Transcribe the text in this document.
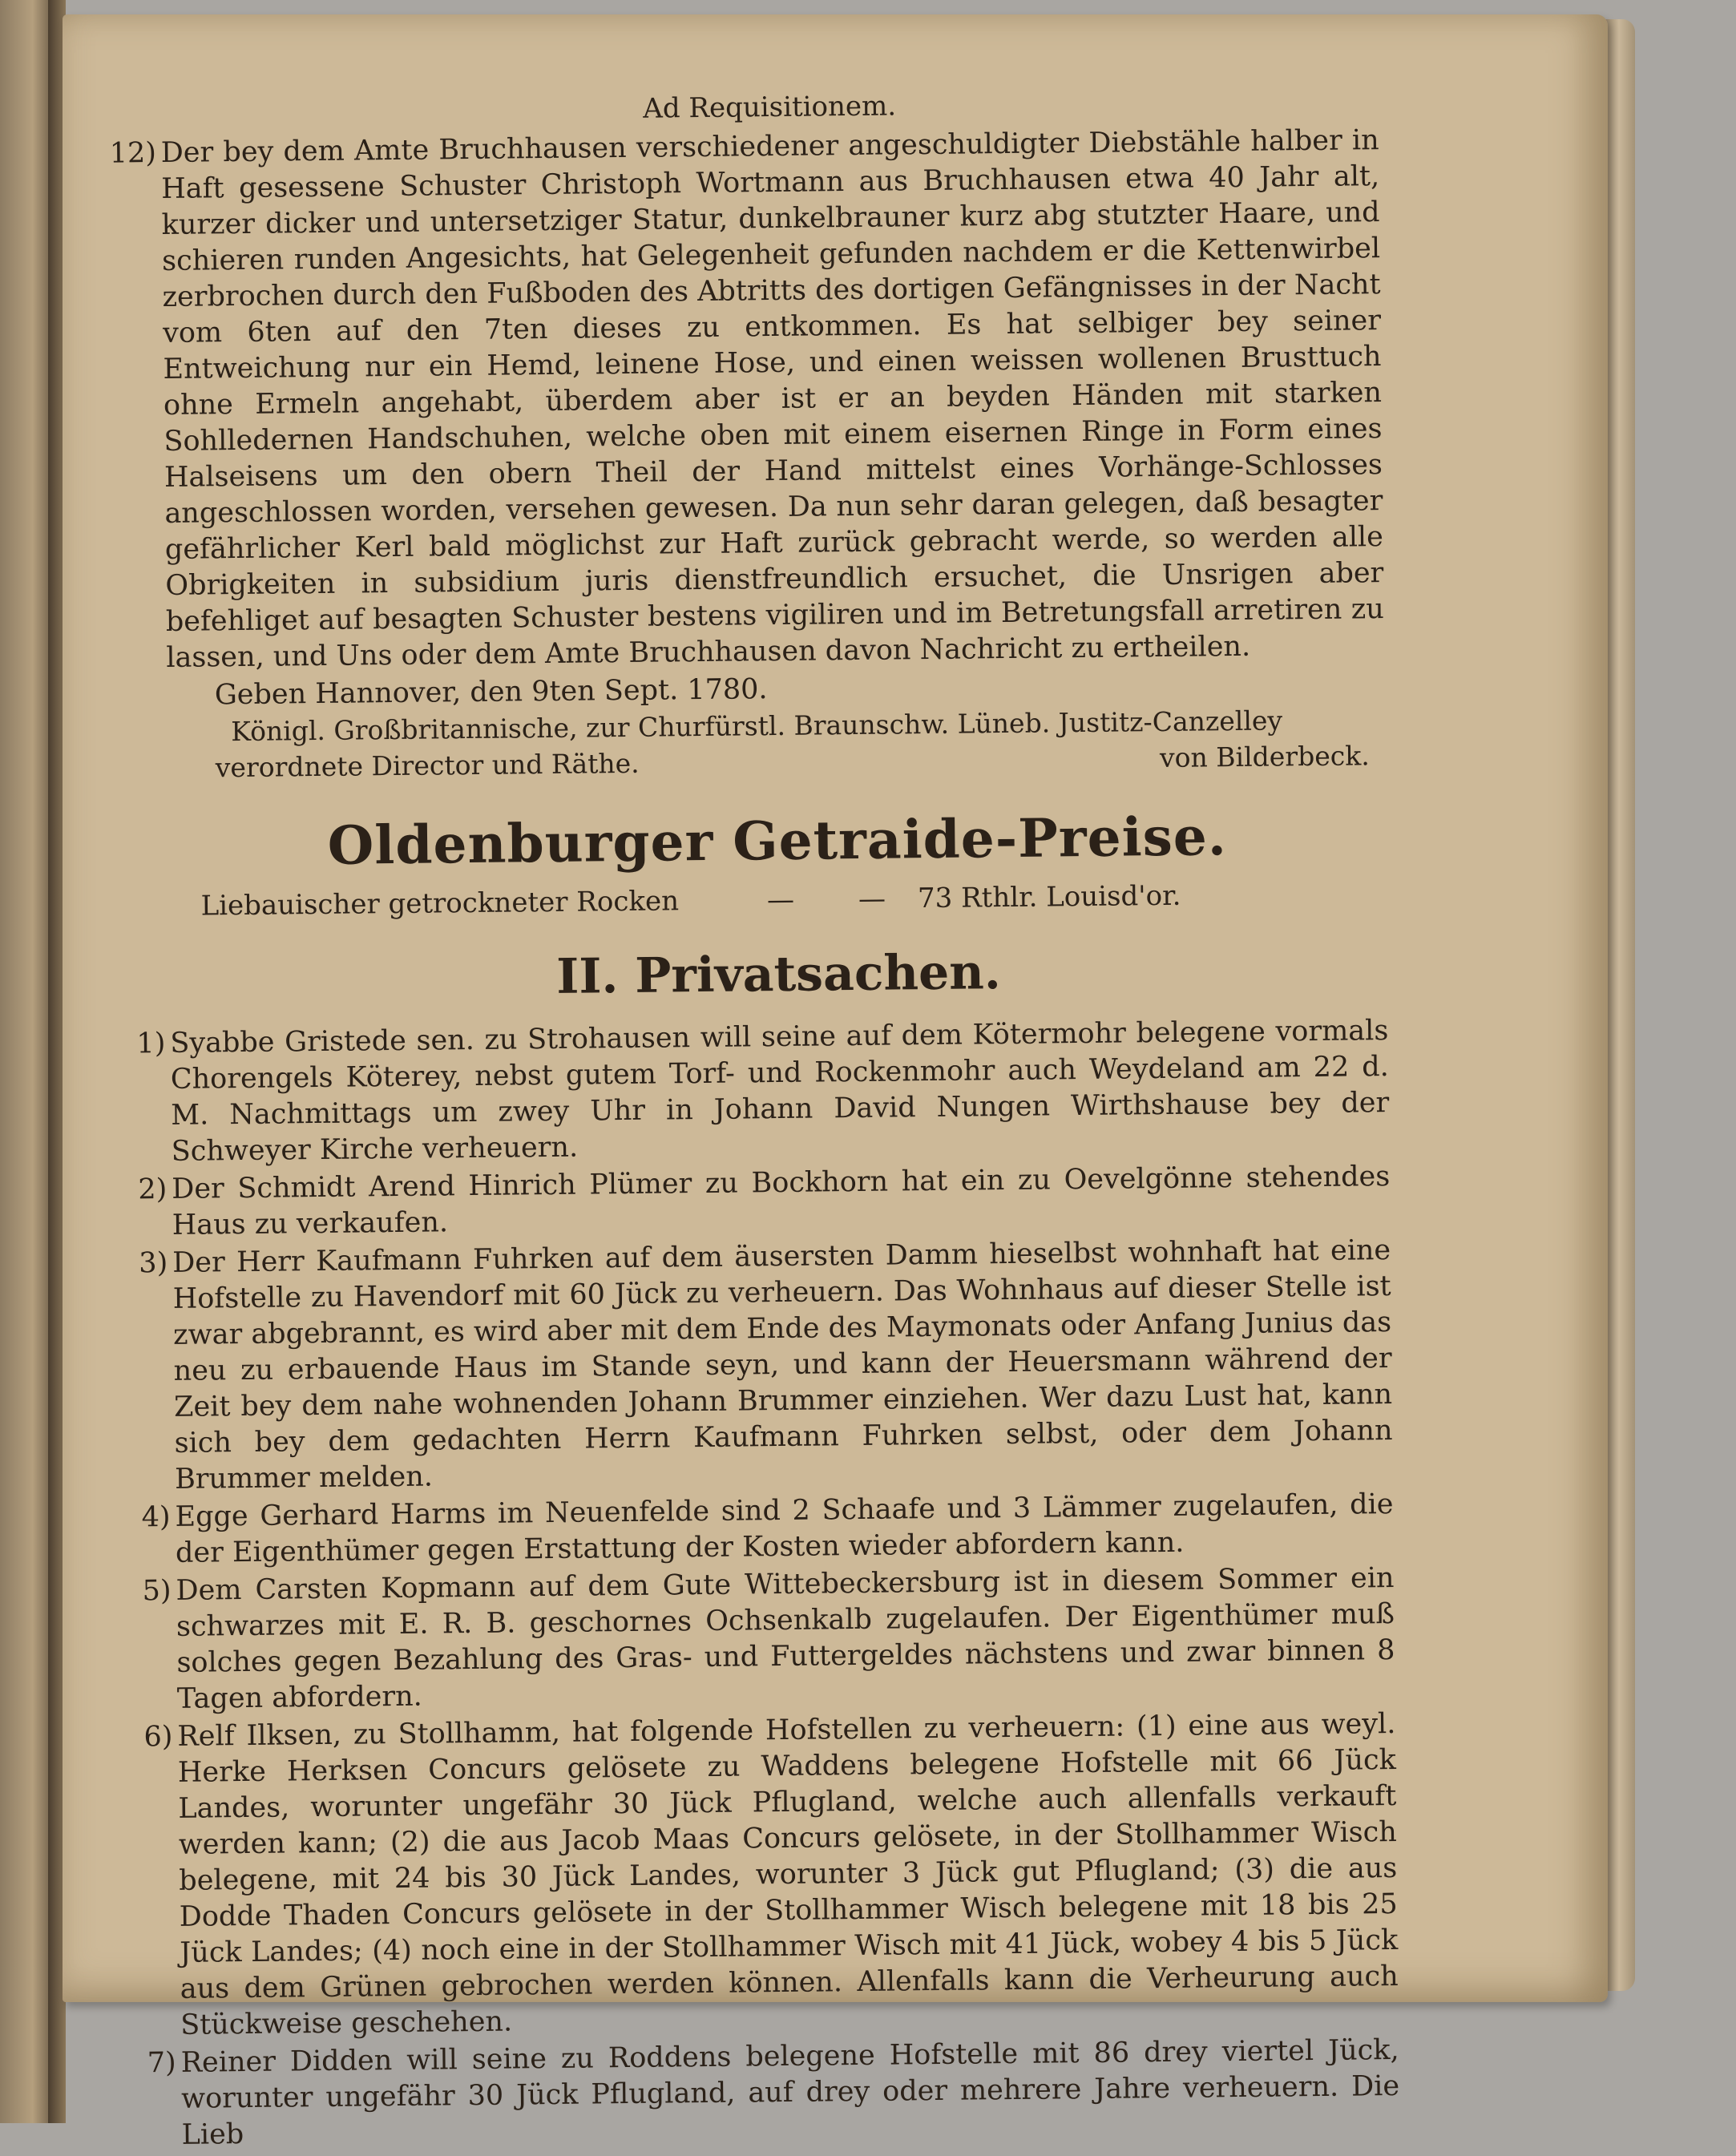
Ad Requisitionem.

12) Der bey dem Amte Bruchhausen verschiedener angeschuldigter Diebstähle halber in Haft gesessene Schuster Christoph Wortmann aus Bruchhausen etwa 40 Jahr alt, kurzer dicker und untersetziger Statur, dunkelbrauner kurz abg stutzter Haare, und schieren runden Angesichts, hat Gelegenheit gefunden nachdem er die Kettenwirbel zerbrochen durch den Fußboden des Abtritts des dortigen Gefängnisses in der Nacht vom 6ten auf den 7ten dieses zu entkommen. Es hat selbiger bey seiner Entweichung nur ein Hemd, leinene Hose, und einen weissen wollenen Brusttuch ohne Ermeln angehabt, überdem aber ist er an beyden Händen mit starken Sohlledernen Handschuhen, welche oben mit einem eisernen Ringe in Form eines Halseisens um den obern Theil der Hand mittelst eines Vorhänge-Schlosses angeschlossen worden, versehen gewesen. Da nun sehr daran gelegen, daß besagter gefährlicher Kerl bald möglichst zur Haft zurück gebracht werde, so werden alle Obrigkeiten in subsidium juris dienstfreundlich ersuchet, die Unsrigen aber befehliget auf besagten Schuster bestens vigiliren und im Betretungsfall arretiren zu lassen, und Uns oder dem Amte Bruchhausen davon Nachricht zu ertheilen.

Geben Hannover, den 9ten Sept. 1780.
Königl. Großbritannische, zur Churfürstl. Braunschw. Lüneb. Justitz-Canzelley
verordnete Director und Räthe.	von Bilderbeck.
Oldenburger Getraide-Preise.
Liebauischer getrockneter Rocken	— — 73 Rthlr. Louisd'or.
II. Privatsachen.

1) Syabbe Gristede sen. zu Strohausen will seine auf dem Kötermohr belegene vormals Chorengels Köterey, nebst gutem Torf- und Rockenmohr auch Weydeland am 22 d. M. Nachmittags um zwey Uhr in Johann David Nungen Wirthshause bey der Schweyer Kirche verheuern.

2) Der Schmidt Arend Hinrich Plümer zu Bockhorn hat ein zu Oevelgönne stehendes Haus zu verkaufen.

3) Der Herr Kaufmann Fuhrken auf dem äusersten Damm hieselbst wohnhaft hat eine Hofstelle zu Havendorf mit 60 Jück zu verheuern. Das Wohnhaus auf dieser Stelle ist zwar abgebrannt, es wird aber mit dem Ende des Maymonats oder Anfang Junius das neu zu erbauende Haus im Stande seyn, und kann der Heuersmann während der Zeit bey dem nahe wohnenden Johann Brummer einziehen. Wer dazu Lust hat, kann sich bey dem gedachten Herrn Kaufmann Fuhrken selbst, oder dem Johann Brummer melden.

4) Egge Gerhard Harms im Neuenfelde sind 2 Schaafe und 3 Lämmer zugelaufen, die der Eigenthümer gegen Erstattung der Kosten wieder abfordern kann.

5) Dem Carsten Kopmann auf dem Gute Wittebeckersburg ist in diesem Sommer ein schwarzes mit E. R. B. geschornes Ochsenkalb zugelaufen. Der Eigenthümer muß solches gegen Bezahlung des Gras- und Futtergeldes nächstens und zwar binnen 8 Tagen abfordern.

6) Relf Ilksen, zu Stollhamm, hat folgende Hofstellen zu verheuern: (1) eine aus weyl. Herke Herksen Concurs gelösete zu Waddens belegene Hofstelle mit 66 Jück Landes, worunter ungefähr 30 Jück Pflugland, welche auch allenfalls verkauft werden kann; (2) die aus Jacob Maas Concurs gelösete, in der Stollhammer Wisch belegene, mit 24 bis 30 Jück Landes, worunter 3 Jück gut Pflugland; (3) die aus Dodde Thaden Concurs gelösete in der Stollhammer Wisch belegene mit 18 bis 25 Jück Landes; (4) noch eine in der Stollhammer Wisch mit 41 Jück, wobey 4 bis 5 Jück aus dem Grünen gebrochen werden können. Allenfalls kann die Verheurung auch Stückweise geschehen.

7) Reiner Didden will seine zu Roddens belegene Hofstelle mit 86 drey viertel Jück, worunter ungefähr 30 Jück Pflugland, auf drey oder mehrere Jahre verheuern. Die Lieb
